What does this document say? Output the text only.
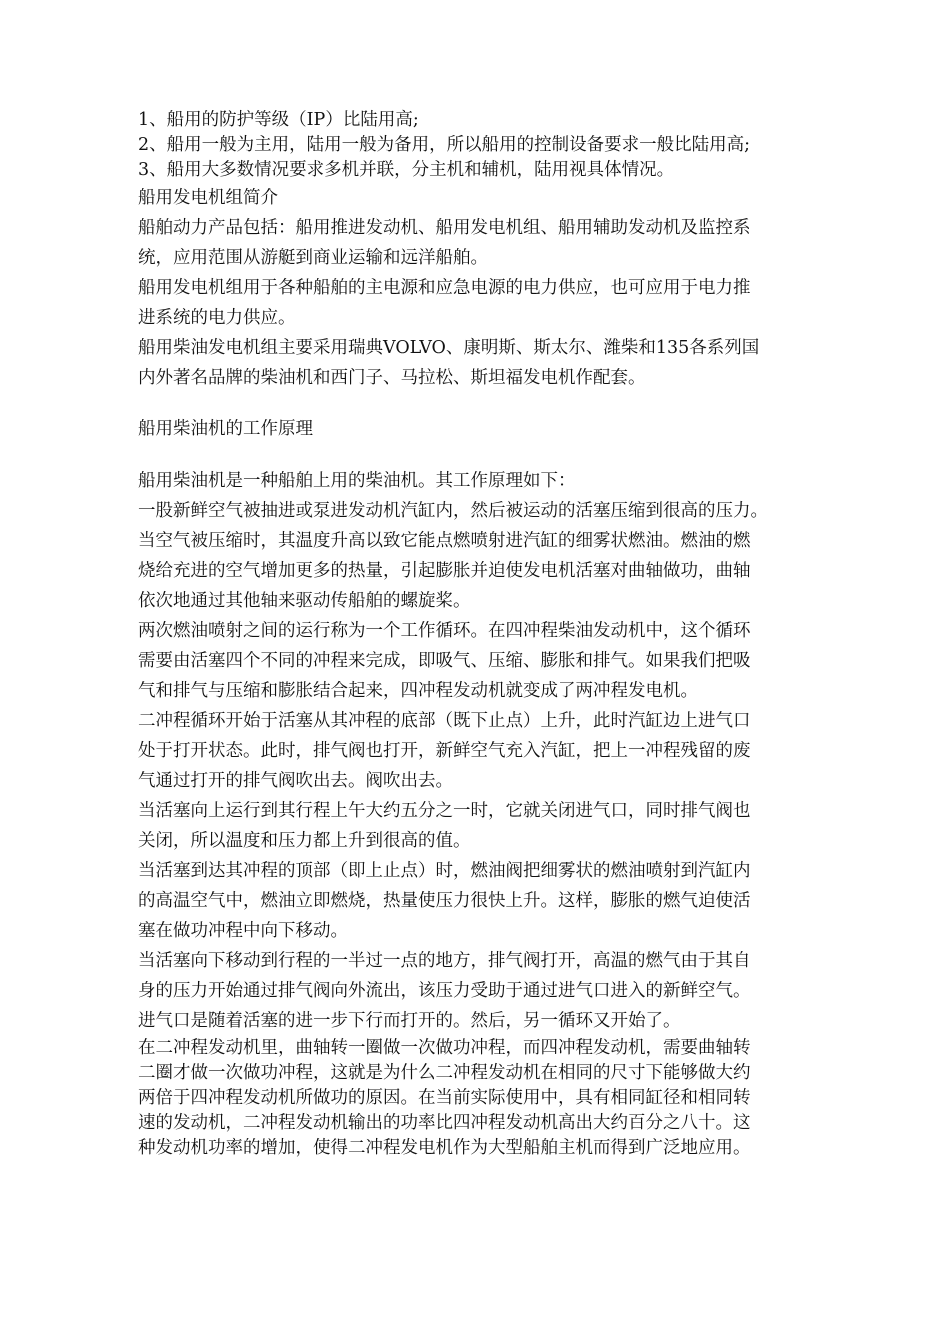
1、船用的防护等级（IP）比陆用高;
2、船用一般为主用，陆用一般为备用，所以船用的控制设备要求一般比陆用高;
3、船用大多数情况要求多机并联，分主机和辅机，陆用视具体情况。
船用发电机组简介
船舶动力产品包括：船用推进发动机、船用发电机组、船用辅助发动机及监控系
统，应用范围从游艇到商业运输和远洋船舶。
船用发电机组用于各种船舶的主电源和应急电源的电力供应，也可应用于电力推
进系统的电力供应。
船用柴油发电机组主要采用瑞典VOLVO、康明斯、斯太尔、潍柴和135各系列国
内外著名品牌的柴油机和西门子、马拉松、斯坦福发电机作配套。
船用柴油机的工作原理
船用柴油机是一种船舶上用的柴油机。其工作原理如下：
一股新鲜空气被抽进或泵进发动机汽缸内，然后被运动的活塞压缩到很高的压力。
当空气被压缩时，其温度升高以致它能点燃喷射进汽缸的细雾状燃油。燃油的燃
烧给充进的空气增加更多的热量，引起膨胀并迫使发电机活塞对曲轴做功，曲轴
依次地通过其他轴来驱动传船舶的螺旋桨。
两次燃油喷射之间的运行称为一个工作循环。在四冲程柴油发动机中，这个循环
需要由活塞四个不同的冲程来完成，即吸气、压缩、膨胀和排气。如果我们把吸
气和排气与压缩和膨胀结合起来，四冲程发动机就变成了两冲程发电机。
二冲程循环开始于活塞从其冲程的底部（既下止点）上升，此时汽缸边上进气口
处于打开状态。此时，排气阀也打开，新鲜空气充入汽缸，把上一冲程残留的废
气通过打开的排气阀吹出去。阀吹出去。
当活塞向上运行到其行程上午大约五分之一时，它就关闭进气口，同时排气阀也
关闭，所以温度和压力都上升到很高的值。
当活塞到达其冲程的顶部（即上止点）时，燃油阀把细雾状的燃油喷射到汽缸内
的高温空气中，燃油立即燃烧，热量使压力很快上升。这样，膨胀的燃气迫使活
塞在做功冲程中向下移动。
当活塞向下移动到行程的一半过一点的地方，排气阀打开，高温的燃气由于其自
身的压力开始通过排气阀向外流出，该压力受助于通过进气口进入的新鲜空气。
进气口是随着活塞的进一步下行而打开的。然后，另一循环又开始了。
在二冲程发动机里，曲轴转一圈做一次做功冲程，而四冲程发动机，需要曲轴转
二圈才做一次做功冲程，这就是为什么二冲程发动机在相同的尺寸下能够做大约
两倍于四冲程发动机所做功的原因。在当前实际使用中，具有相同缸径和相同转
速的发动机，二冲程发动机输出的功率比四冲程发动机高出大约百分之八十。这
种发动机功率的增加，使得二冲程发电机作为大型船舶主机而得到广泛地应用。
